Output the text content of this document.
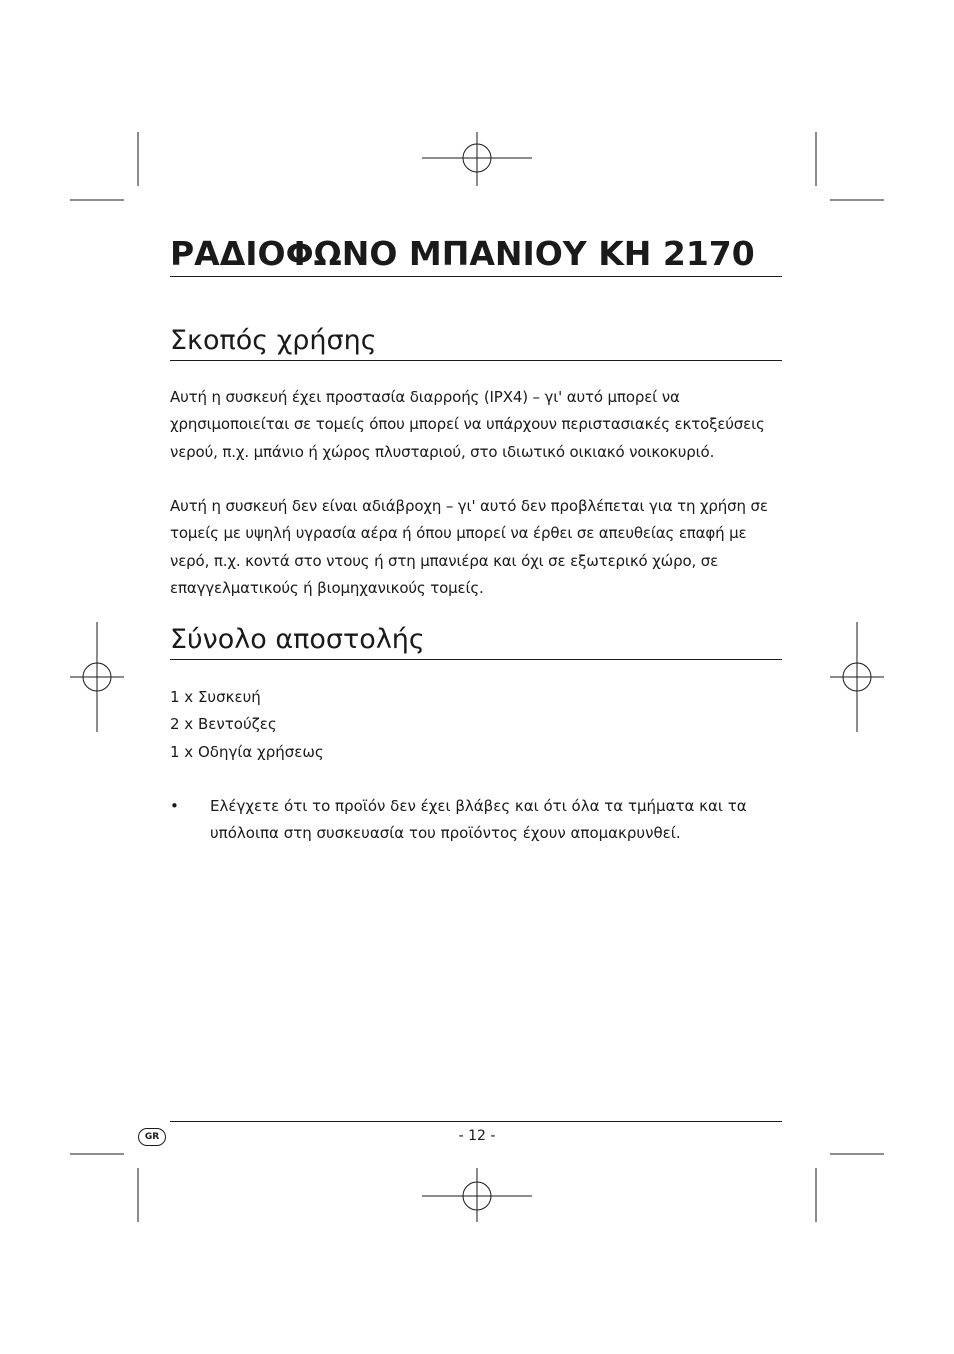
ΡΑΔΙΟΦΩΝΟ ΜΠΑΝΙΟΥ KH 2170
Σκοπός χρήσης

Αυτή η συσκευή έχει προστασία διαρροής (IPX4) – γι' αυτό μπορεί να χρησιμοποιείται σε τομείς όπου μπορεί να υπάρχουν περιστασιακές εκτοξεύσεις νερού, π.χ. μπάνιο ή χώρος πλυσταριού, στο ιδιωτικό οικιακό νοικοκυριό.

Αυτή η συσκευή δεν είναι αδιάβροχη – γι' αυτό δεν προβλέπεται για τη χρήση σε τομείς με υψηλή υγρασία αέρα ή όπου μπορεί να έρθει σε απευθείας επαφή με νερό, π.χ. κοντά στο ντους ή στη μπανιέρα και όχι σε εξωτερικό χώρο, σε επαγγελματικούς ή βιομηχανικούς τομείς.

Σύνολο αποστολής
1 x Συσκευή
2 x Βεντούζες
1 x Οδηγία χρήσεως
• Ελέγχετε ότι το προϊόν δεν έχει βλάβες και ότι όλα τα τμήματα και τα υπόλοιπα στη συσκευασία του προϊόντος έχουν απομακρυνθεί.
GR	- 12 -
